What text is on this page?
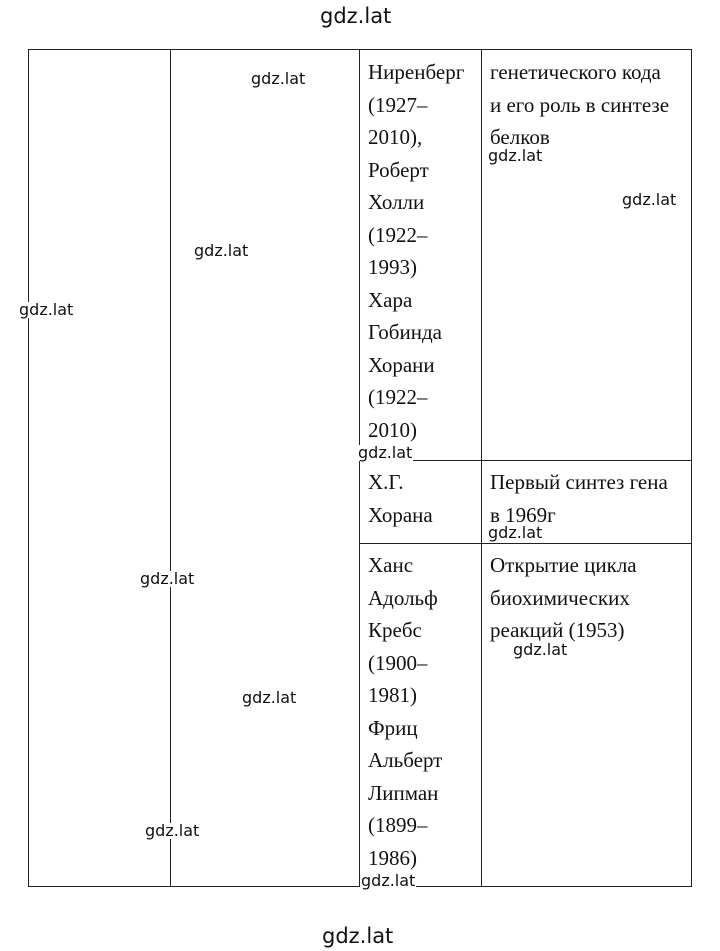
gdz.lat
gdz.lat
Ниренберг
(1927–
2010),
Роберт
Холли
(1922–
1993)
Хара
Гобинда
Хорани
(1922–
2010)
генетического кода
и его роль в синтезе
белков
Х.Г.
Хорана
Первый синтез гена
в 1969г
Ханс
Адольф
Кребс
(1900–
1981)
Фриц
Альберт
Липман
(1899–
1986)
Открытие цикла
биохимических
реакций (1953)
gdz.lat
gdz.lat
gdz.lat
gdz.lat
gdz.lat
gdz.lat
gdz.lat
gdz.lat
gdz.lat
gdz.lat
gdz.lat
gdz.lat
